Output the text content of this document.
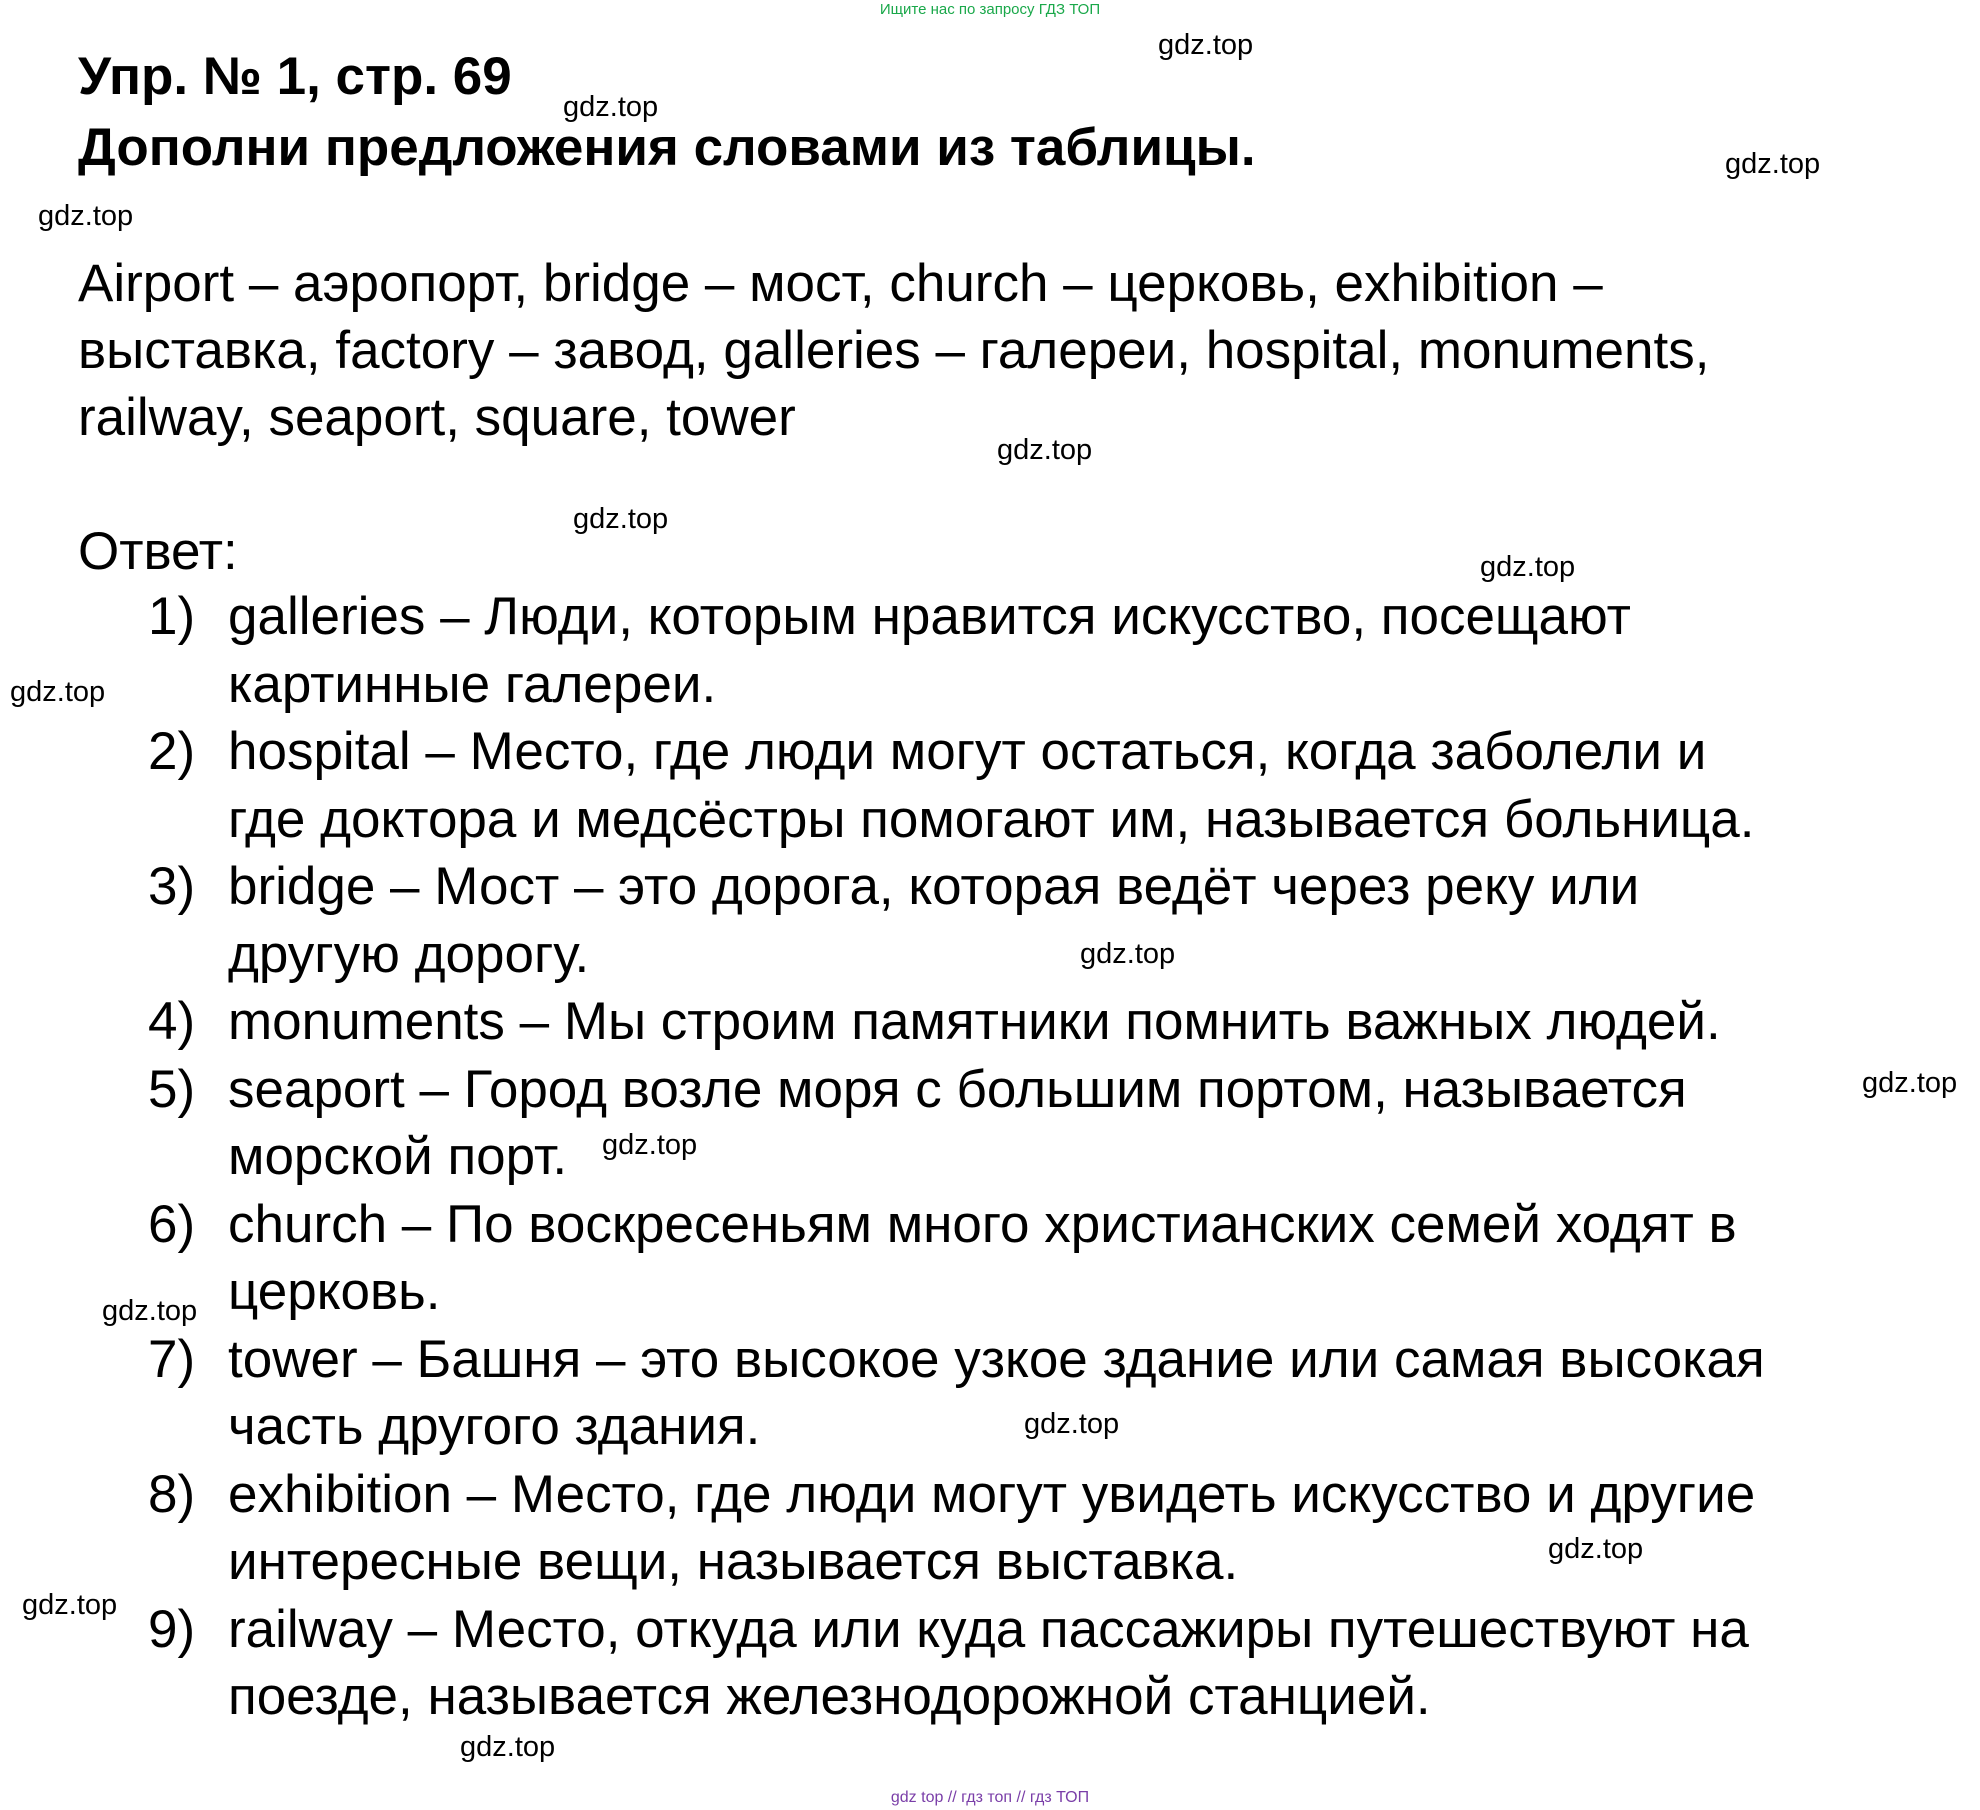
Ищите нас по запросу ГДЗ ТОП
Упр. № 1, стр. 69
Дополни предложения словами из таблицы.

Airport – аэропорт, bridge – мост, church – церковь, exhibition –

выставка, factory – завод, galleries – галереи, hospital, monuments,

railway, seaport, square, tower

Ответ:
1) galleries – Люди, которым нравится искусство, посещают

картинные галереи.

2) hospital – Место, где люди могут остаться, когда заболели и

где доктора и медсёстры помогают им, называется больница.

3) bridge – Мост – это дорога, которая ведёт через реку или

другую дорогу.

4) monuments – Мы строим памятники помнить важных людей.

5) seaport – Город возле моря с большим портом, называется

морской порт.

6) church – По воскресеньям много христианских семей ходят в

церковь.

7) tower – Башня – это высокое узкое здание или самая высокая

часть другого здания.

8) exhibition – Место, где люди могут увидеть искусство и другие

интересные вещи, называется выставка.

9) railway – Место, откуда или куда пассажиры путешествуют на

поезде, называется железнодорожной станцией.

gdz.top
gdz.top
gdz.top
gdz.top
gdz.top
gdz.top
gdz.top
gdz.top
gdz.top
gdz.top
gdz.top
gdz.top
gdz.top
gdz.top
gdz.top
gdz.top
gdz top // гдз топ // гдз ТОП
